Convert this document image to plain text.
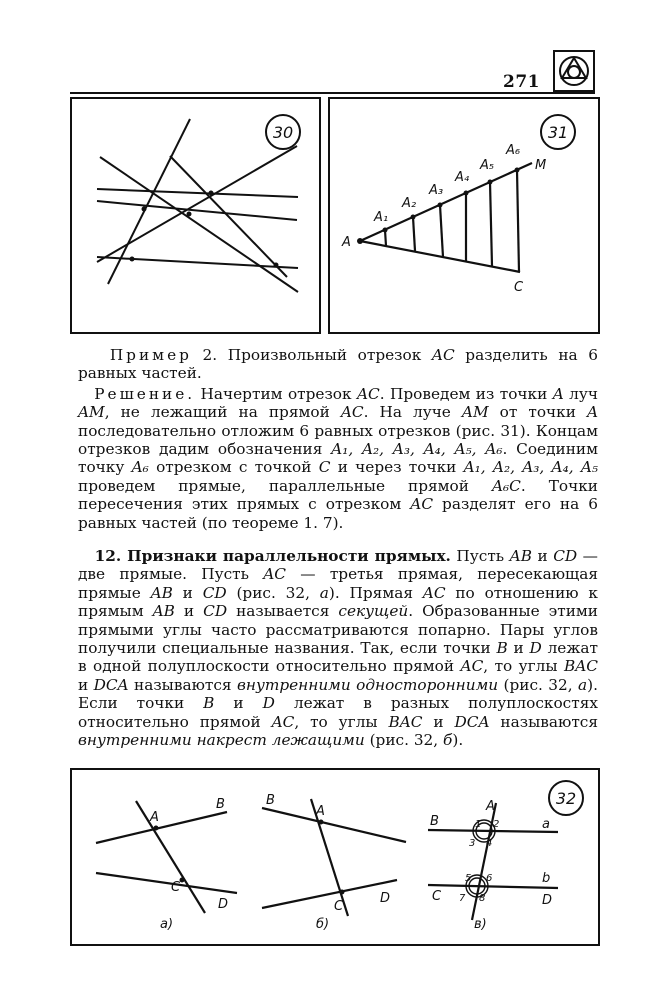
271
30	31
A
A₁
A₂
A₃
A₄
A₅
A₆
M
C

Пример 2. Произвольный отрезок AC разделить на 6 равных частей.

Решение. Начертим отрезок AC. Проведем из точки A луч AM, не лежащий на прямой AC. На луче AM от точки A последовательно отложим 6 равных отрезков (рис. 31). Концам отрезков дадим обозначения A₁, A₂, A₃, A₄, A₅, A₆. Соединим точку A₆ отрезком с точкой C и через точки A₁, A₂, A₃, A₄, A₅ проведем прямые, параллельные прямой A₆C. Точки пересечения этих прямых с отрезком AC разделят его на 6 равных частей (по теореме 1. 7).

12. Признаки параллельности прямых. Пусть AB и CD — две прямые. Пусть AC — третья прямая, пересекающая прямые AB и CD (рис. 32, а). Прямая AC по отношению к прямым AB и CD называется секущей. Образованные этими прямыми углы часто рассматриваются попарно. Пары углов получили специальные названия. Так, если точки B и D лежат в одной полуплоскости относительно прямой AC, то углы BAC и DCA называются внутренними односторонними (рис. 32, а). Если точки B и D лежат в разных полуплоскостях относительно прямой AC, то углы BAC и DCA называются внутренними накрест лежащими (рис. 32, б).

32
B
A
C
D
а)
B
A
C
D
б)
A
B	a
b
C	D
1 2
3 4
5 6
7 8
в)
